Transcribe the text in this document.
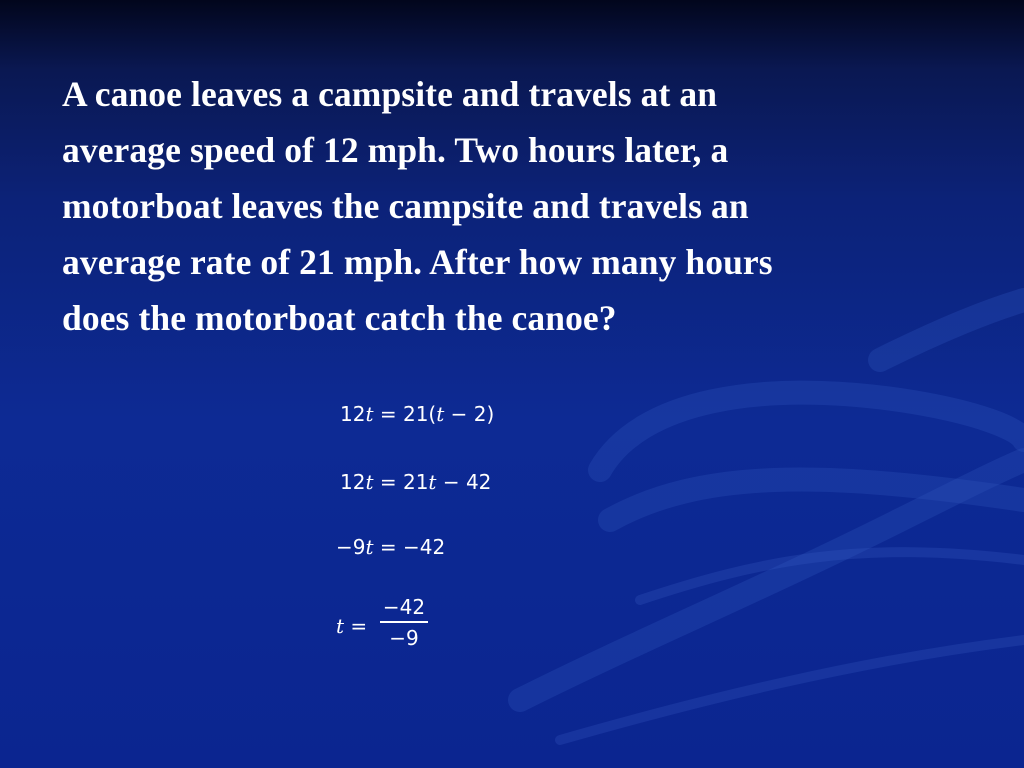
A canoe leaves a campsite and travels at an
average speed of 12 mph. Two hours later, a
motorboat leaves the campsite and travels an
average rate of 21 mph. After how many hours
does the motorboat catch the canoe?
12t = 21(t − 2)
12t = 21t − 42
−9t = −42
t =
−42
−9
